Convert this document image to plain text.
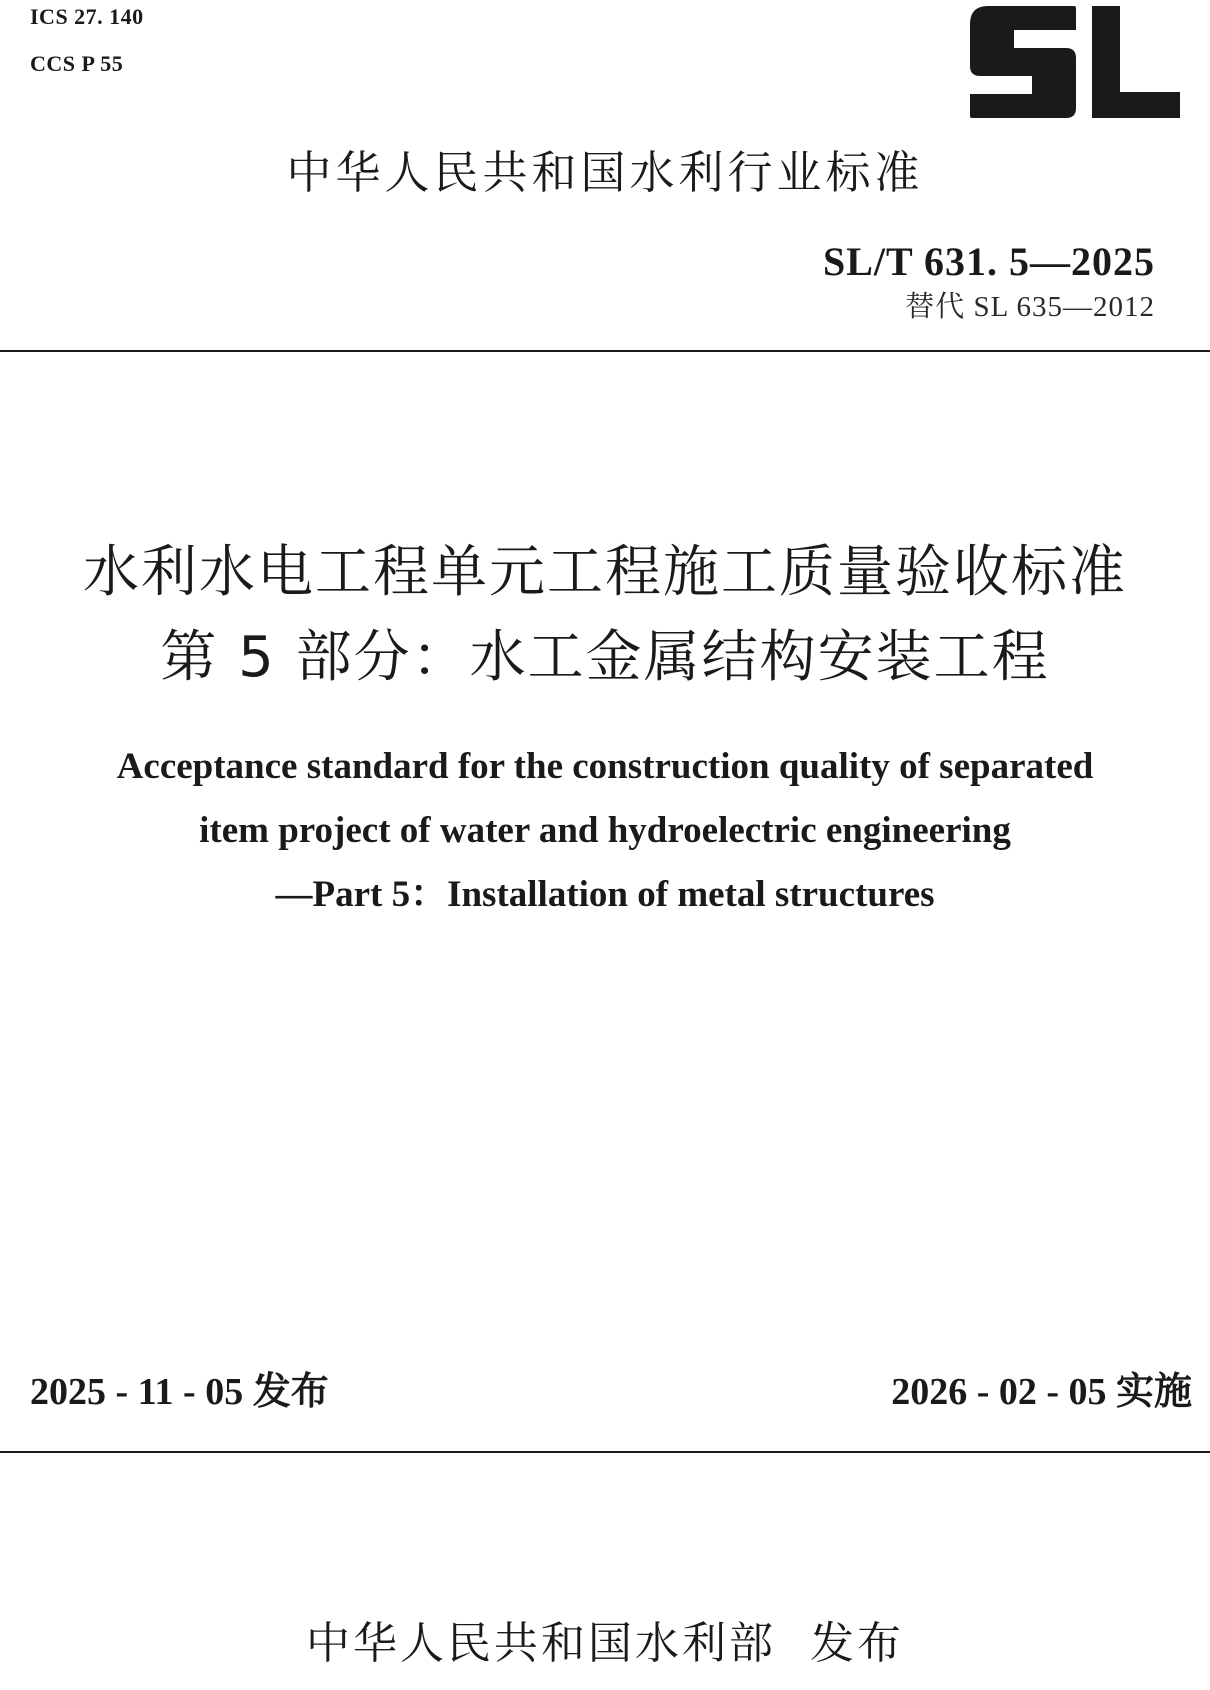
ICS 27. 140
CCS P 55
中华人民共和国水利行业标准
SL/T 631. 5—2025
替代 SL 635—2012
水利水电工程单元工程施工质量验收标准
第 5 部分：水工金属结构安装工程
Acceptance standard for the construction quality of separated
item project of water and hydroelectric engineering
—Part 5：Installation of metal structures
2025 - 11 - 05 发布	2026 - 02 - 05 实施
中华人民共和国水利部  发布
